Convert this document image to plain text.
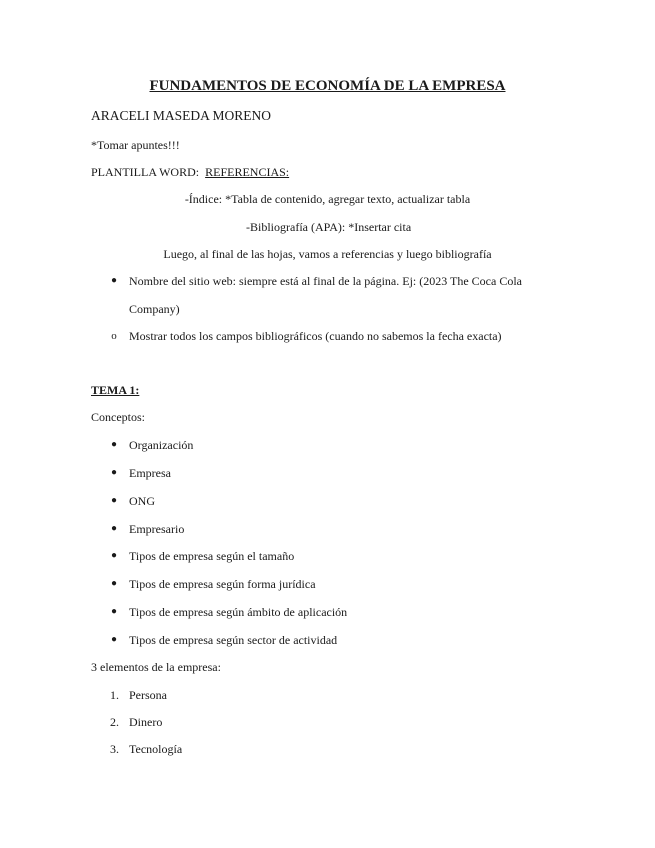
FUNDAMENTOS DE ECONOMÍA DE LA EMPRESA
ARACELI MASEDA MORENO
*Tomar apuntes!!!
PLANTILLA WORD: REFERENCIAS:
-Índice: *Tabla de contenido, agregar texto, actualizar tabla
-Bibliografía (APA): *Insertar cita
Luego, al final de las hojas, vamos a referencias y luego bibliografía
● Nombre del sitio web: siempre está al final de la página. Ej: (2023 The Coca Cola
Company)
o Mostrar todos los campos bibliográficos (cuando no sabemos la fecha exacta)
TEMA 1:
Conceptos:
● Organización
● Empresa
● ONG
● Empresario
● Tipos de empresa según el tamaño
● Tipos de empresa según forma jurídica
● Tipos de empresa según ámbito de aplicación
● Tipos de empresa según sector de actividad
3 elementos de la empresa:
1. Persona
2. Dinero
3. Tecnología
